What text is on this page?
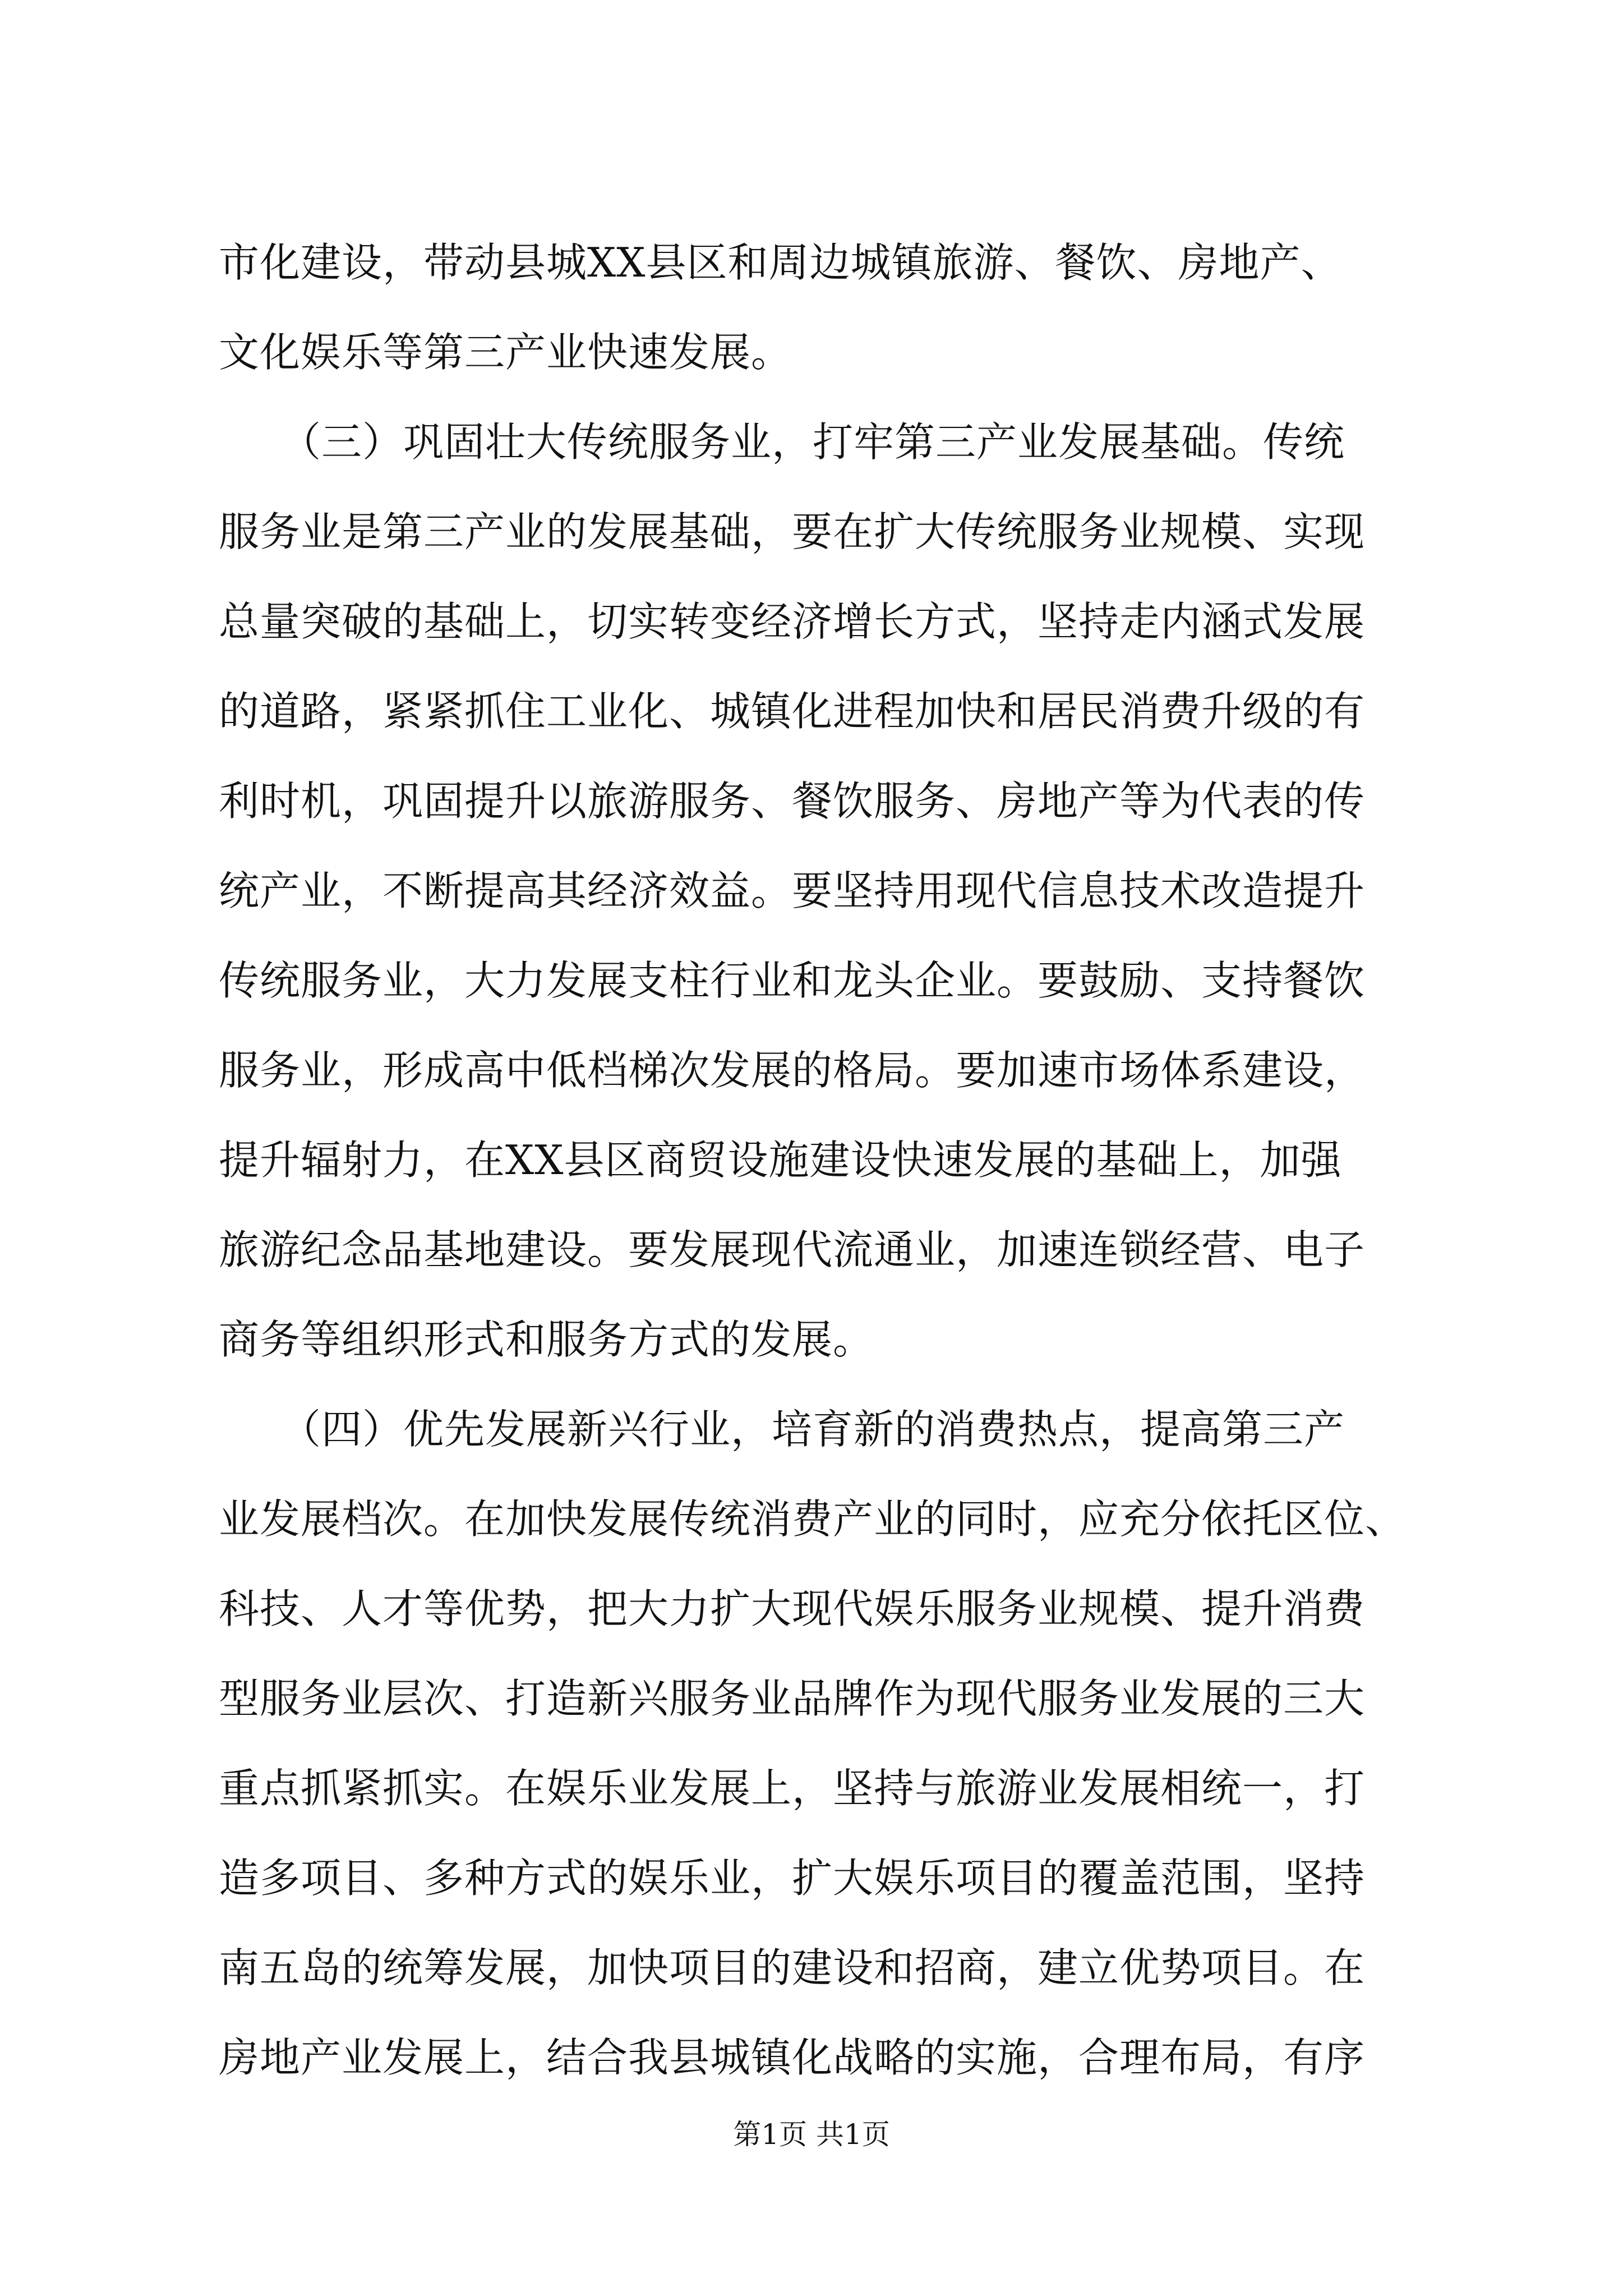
市化建设，带动县城XX县区和周边城镇旅游、餐饮、房地产、
文化娱乐等第三产业快速发展。
　　（三）巩固壮大传统服务业，打牢第三产业发展基础。传统
服务业是第三产业的发展基础，要在扩大传统服务业规模、实现
总量突破的基础上，切实转变经济增长方式，坚持走内涵式发展
的道路，紧紧抓住工业化、城镇化进程加快和居民消费升级的有
利时机，巩固提升以旅游服务、餐饮服务、房地产等为代表的传
统产业，不断提高其经济效益。要坚持用现代信息技术改造提升
传统服务业，大力发展支柱行业和龙头企业。要鼓励、支持餐饮
服务业，形成高中低档梯次发展的格局。要加速市场体系建设，
提升辐射力，在XX县区商贸设施建设快速发展的基础上，加强
旅游纪念品基地建设。要发展现代流通业，加速连锁经营、电子
商务等组织形式和服务方式的发展。
　　（四）优先发展新兴行业，培育新的消费热点，提高第三产
业发展档次。在加快发展传统消费产业的同时，应充分依托区位、
科技、人才等优势，把大力扩大现代娱乐服务业规模、提升消费
型服务业层次、打造新兴服务业品牌作为现代服务业发展的三大
重点抓紧抓实。在娱乐业发展上，坚持与旅游业发展相统一，打
造多项目、多种方式的娱乐业，扩大娱乐项目的覆盖范围，坚持
南五岛的统筹发展，加快项目的建设和招商，建立优势项目。在
房地产业发展上，结合我县城镇化战略的实施，合理布局，有序
第1页 共1页
